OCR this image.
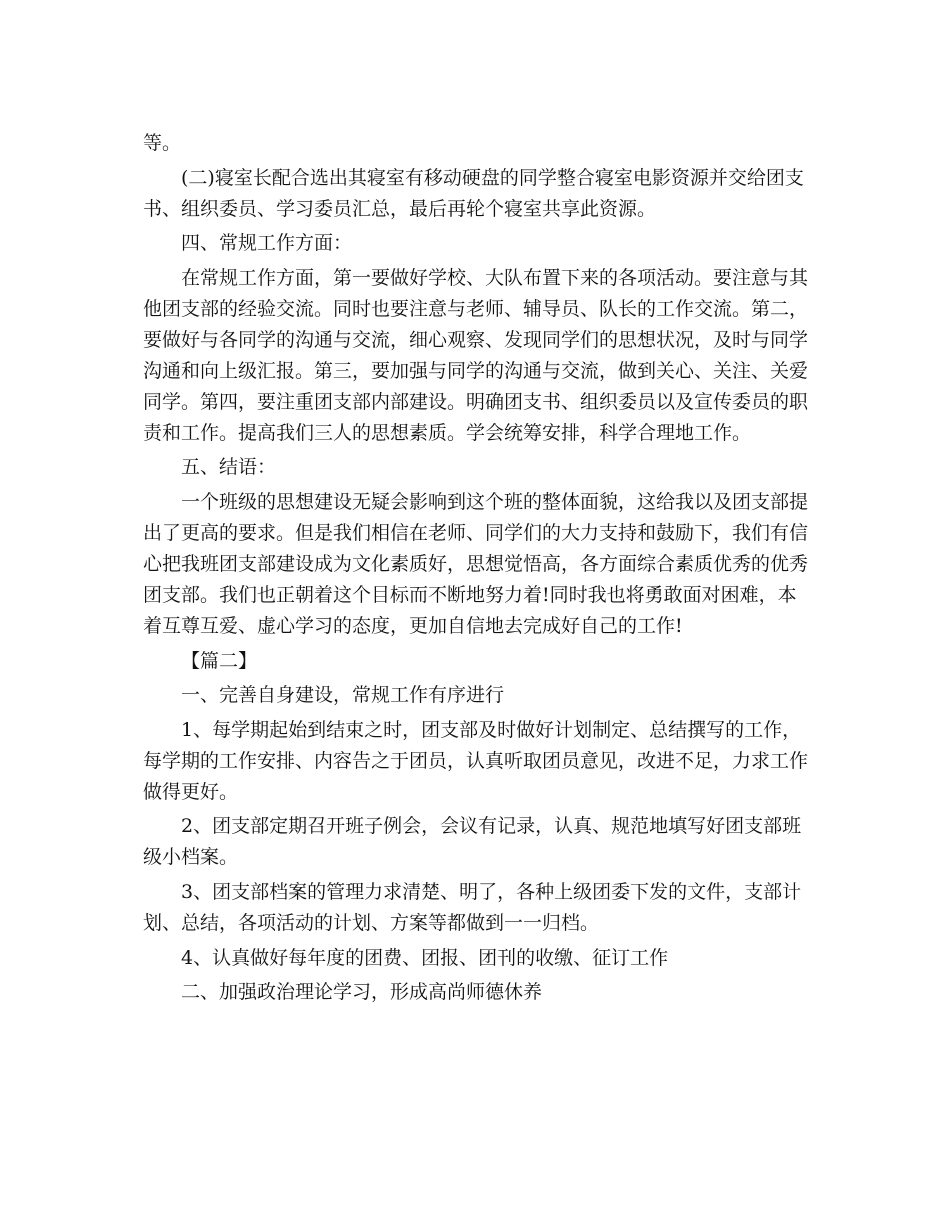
等。

(二)寝室长配合选出其寝室有移动硬盘的同学整合寝室电影资源并交给团支书、组织委员、学习委员汇总，最后再轮个寝室共享此资源。

四、常规工作方面：

在常规工作方面，第一要做好学校、大队布置下来的各项活动。要注意与其他团支部的经验交流。同时也要注意与老师、辅导员、队长的工作交流。第二，要做好与各同学的沟通与交流，细心观察、发现同学们的思想状况，及时与同学沟通和向上级汇报。第三，要加强与同学的沟通与交流，做到关心、关注、关爱同学。第四，要注重团支部内部建设。明确团支书、组织委员以及宣传委员的职责和工作。提高我们三人的思想素质。学会统筹安排，科学合理地工作。

五、结语：

一个班级的思想建设无疑会影响到这个班的整体面貌，这给我以及团支部提出了更高的要求。但是我们相信在老师、同学们的大力支持和鼓励下，我们有信心把我班团支部建设成为文化素质好，思想觉悟高，各方面综合素质优秀的优秀团支部。我们也正朝着这个目标而不断地努力着!同时我也将勇敢面对困难，本着互尊互爱、虚心学习的态度，更加自信地去完成好自己的工作!

【篇二】

一、完善自身建设，常规工作有序进行

1、每学期起始到结束之时，团支部及时做好计划制定、总结撰写的工作，每学期的工作安排、内容告之于团员，认真听取团员意见，改进不足，力求工作做得更好。

2、团支部定期召开班子例会，会议有记录，认真、规范地填写好团支部班级小档案。

3、团支部档案的管理力求清楚、明了，各种上级团委下发的文件，支部计划、总结，各项活动的计划、方案等都做到一一归档。

4、认真做好每年度的团费、团报、团刊的收缴、征订工作

二、加强政治理论学习，形成高尚师德休养
